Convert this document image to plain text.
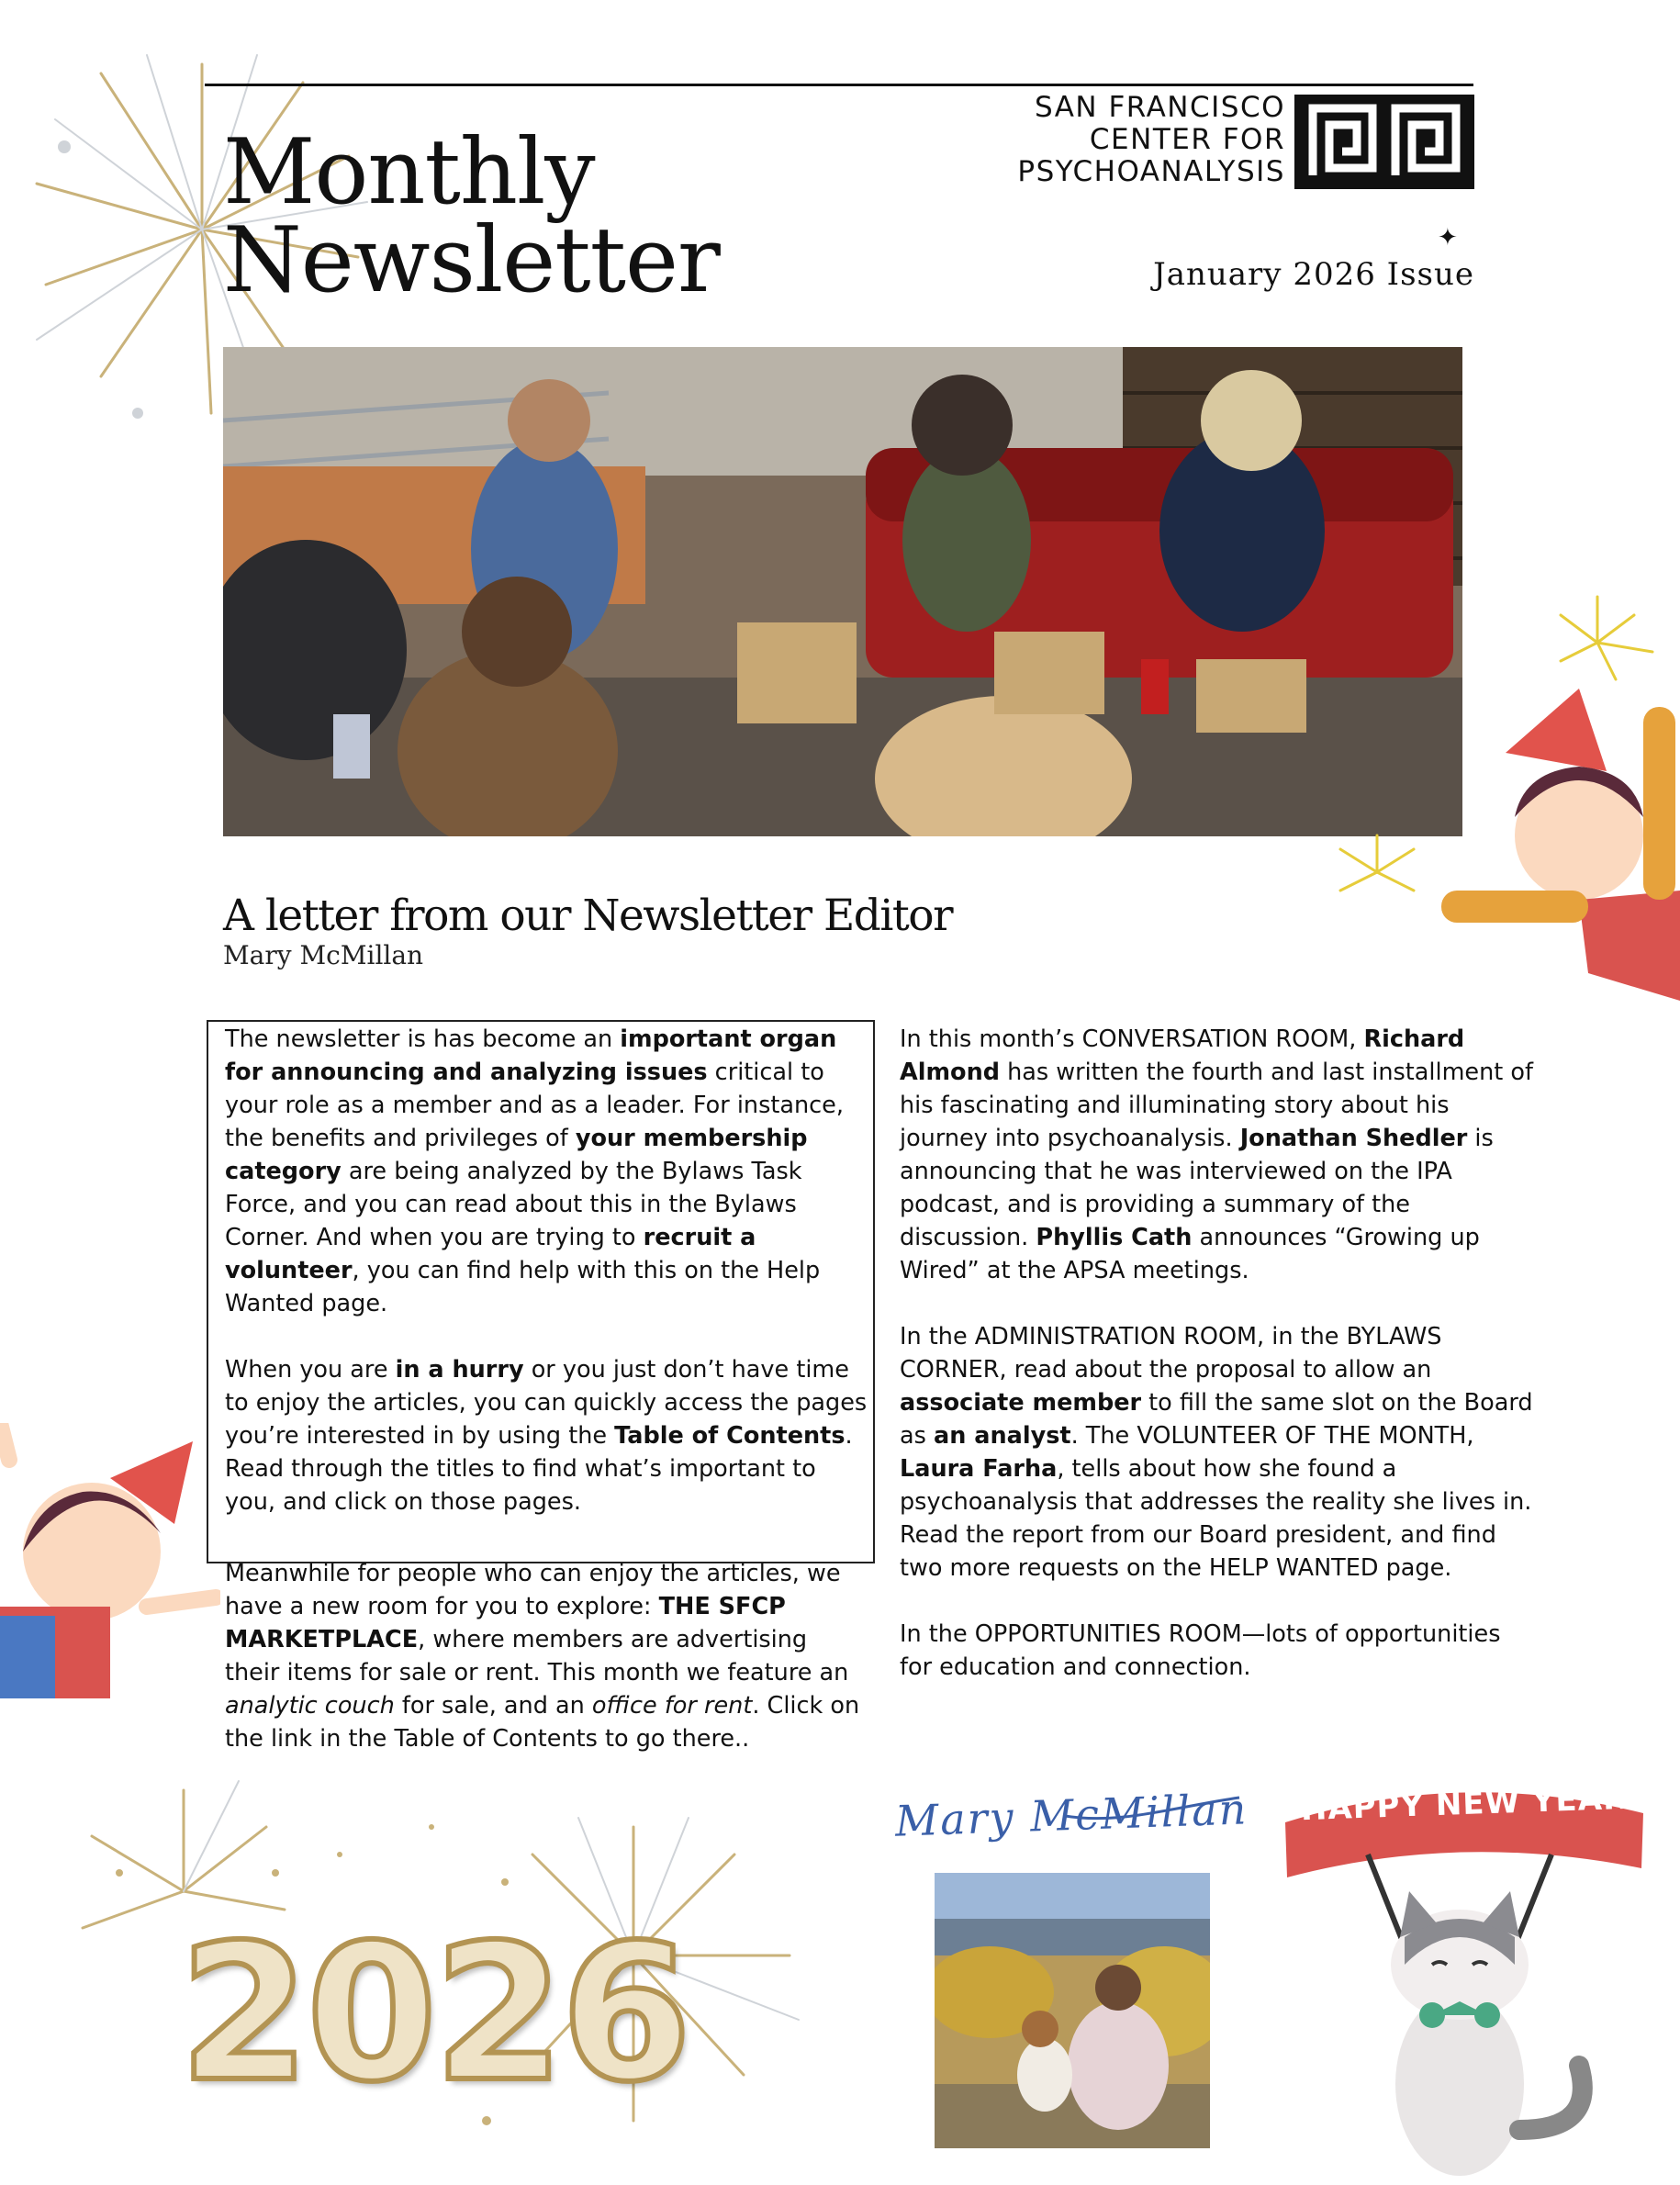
Monthly
Newsletter
SAN FRANCISCO
CENTER FOR
PSYCHOANALYSIS
✦
January 2026 Issue
A letter from our Newsletter Editor
Mary McMillan

The newsletter is has become an important organ for announcing and analyzing issues critical to your role as a member and as a leader. For instance, the benefits and privileges of your membership category are being analyzed by the Bylaws Task Force, and you can read about this in the Bylaws Corner. And when you are trying to recruit a volunteer, you can find help with this on the Help Wanted page.

When you are in a hurry or you just don’t have time to enjoy the articles, you can quickly access the pages you’re interested in by using the Table of Contents. Read through the titles to find what’s important to you, and click on those pages.

Meanwhile for people who can enjoy the articles, we have a new room for you to explore: THE SFCP MARKETPLACE, where members are advertising their items for sale or rent. This month we feature an analytic couch for sale, and an office for rent. Click on the link in the Table of Contents to go there..

In this month’s CONVERSATION ROOM, Richard Almond has written the fourth and last installment of his fascinating and illuminating story about his journey into psychoanalysis. Jonathan Shedler is announcing that he was interviewed on the IPA podcast, and is providing a summary of the discussion. Phyllis Cath announces “Growing up Wired” at the APSA meetings.

In the ADMINISTRATION ROOM, in the BYLAWS CORNER, read about the proposal to allow an associate member to fill the same slot on the Board as an analyst. The VOLUNTEER OF THE MONTH, Laura Farha, tells about how she found a psychoanalysis that addresses the reality she lives in. Read the report from our Board president, and find two more requests on the HELP WANTED page.

In the OPPORTUNITIES ROOM—lots of opportunities for education and connection.

Mary McMillan
2026
HAPPY NEW YEAR
